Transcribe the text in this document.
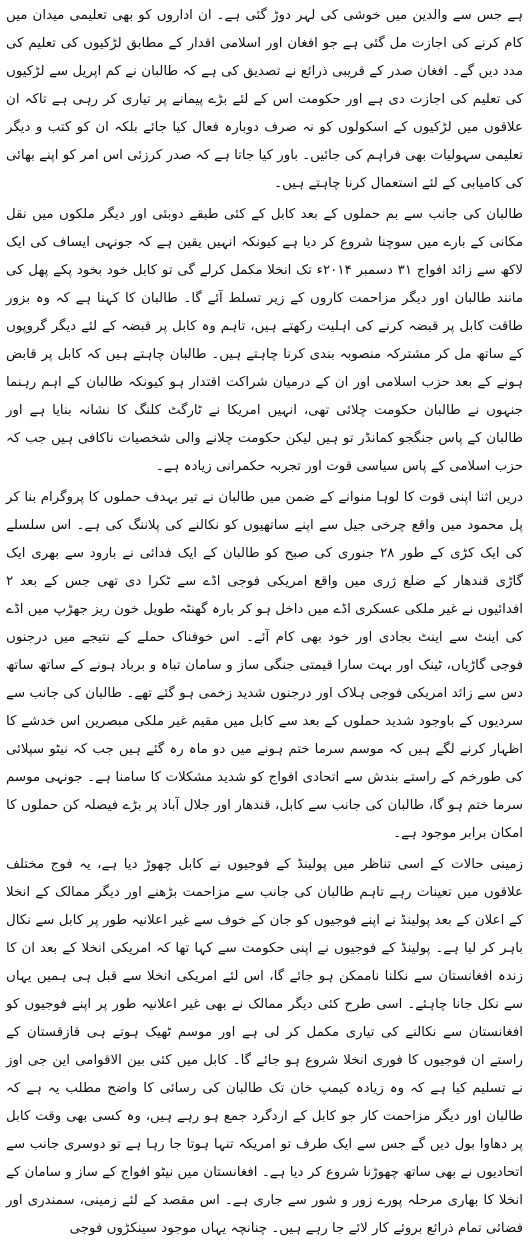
ہے جس سے والدین میں خوشی کی لہر دوڑ گئی ہے۔ ان اداروں کو بھی تعلیمی میدان میں کام کرنے کی اجازت مل گئی ہے جو افغان اور اسلامی اقدار کے مطابق لڑکیوں کی تعلیم کی مدد دیں گے۔ افغان صدر کے قریبی ذرائع نے تصدیق کی ہے کہ طالبان نے کم اپریل سے لڑکیوں کی تعلیم کی اجازت دی ہے اور حکومت اس کے لئے بڑے پیمانے پر تیاری کر رہی ہے تاکہ ان علاقوں میں لڑکیوں کے اسکولوں کو نہ صرف دوبارہ فعال کیا جائے بلکہ ان کو کتب و دیگر تعلیمی سہولیات بھی فراہم کی جائیں۔ باور کیا جاتا ہے کہ صدر کرزئی اس امر کو اپنے بھائی کی کامیابی کے لئے استعمال کرنا چاہتے ہیں۔

طالبان کی جانب سے بم حملوں کے بعد کابل کے کئی طبقے دوبئی اور دیگر ملکوں میں نقل مکانی کے بارے میں سوچنا شروع کر دیا ہے کیونکہ انہیں یقین ہے کہ جونہی ایساف کی ایک لاکھ سے زائد افواج ۳۱ دسمبر ۲۰۱۴ء تک انخلا مکمل کرلے گی تو کابل خود بخود پکے پھل کی مانند طالبان اور دیگر مزاحمت کاروں کے زیر تسلط آئے گا۔ طالبان کا کہنا ہے کہ وہ بزور طاقت کابل پر قبضہ کرنے کی اہلیت رکھتے ہیں، تاہم وہ کابل پر قبضہ کے لئے دیگر گروپوں کے ساتھ مل کر مشترکہ منصوبہ بندی کرنا چاہتے ہیں۔ طالبان چاہتے ہیں کہ کابل پر قابض ہونے کے بعد حزب اسلامی اور ان کے درمیان شراکت اقتدار ہو کیونکہ طالبان کے اہم رہنما جنہوں نے طالبان حکومت چلائی تھی، انہیں امریکا نے ٹارگٹ کلنگ کا نشانہ بنایا ہے اور طالبان کے پاس جنگجو کمانڈر تو ہیں لیکن حکومت چلانے والی شخصیات ناکافی ہیں جب کہ حزب اسلامی کے پاس سیاسی قوت اور تجربہ حکمرانی زیادہ ہے۔

دریں اثنا اپنی قوت کا لوہا منوانے کے ضمن میں طالبان نے تیر بہدف حملوں کا پروگرام بنا کر پل محمود میں واقع چرخی جیل سے اپنے ساتھیوں کو نکالنے کی پلاننگ کی ہے۔ اس سلسلے کی ایک کڑی کے طور ۲۸ جنوری کی صبح کو طالبان کے ایک فدائی نے بارود سے بھری ایک گاڑی قندھار کے ضلع ژری میں واقع امریکی فوجی اڈے سے ٹکرا دی تھی جس کے بعد ۲ افدائیوں نے غیر ملکی عسکری اڈے میں داخل ہو کر بارہ گھنٹہ طویل خون ریز جھڑپ میں اڈے کی اینٹ سے اینٹ بجادی اور خود بھی کام آئے۔ اس خوفناک حملے کے نتیجے میں درجنوں فوجی گاڑیاں، ٹینک اور بہت سارا قیمتی جنگی ساز و سامان تباہ و برباد ہونے کے ساتھ ساتھ دس سے زائد امریکی فوجی ہلاک اور درجنوں شدید زخمی ہو گئے تھے۔ طالبان کی جانب سے سردیوں کے باوجود شدید حملوں کے بعد سے کابل میں مقیم غیر ملکی مبصرین اس خدشے کا اظہار کرنے لگے ہیں کہ موسم سرما ختم ہونے میں دو ماہ رہ گئے ہیں جب کہ نیٹو سپلائی کی طورخم کے راستے بندش سے اتحادی افواج کو شدید مشکلات کا سامنا ہے۔ جونہی موسم سرما ختم ہو گا، طالبان کی جانب سے کابل، قندھار اور جلال آباد پر بڑے فیصلہ کن حملوں کا امکان برابر موجود ہے۔

زمینی حالات کے اسی تناظر میں پولینڈ کے فوجیوں نے کابل چھوڑ دیا ہے، یہ فوج مختلف علاقوں میں تعینات رہے تاہم طالبان کی جانب سے مزاحمت بڑھنے اور دیگر ممالک کے انخلا کے اعلان کے بعد پولینڈ نے اپنے فوجیوں کو جان کے خوف سے غیر اعلانیہ طور پر کابل سے نکال باہر کر لیا ہے۔ پولینڈ کے فوجیوں نے اپنی حکومت سے کہا تھا کہ امریکی انخلا کے بعد ان کا زندہ افغانستان سے نکلنا ناممکن ہو جائے گا، اس لئے امریکی انخلا سے قبل ہی ہمیں یہاں سے نکل جانا چاہئے۔ اسی طرح کئی دیگر ممالک نے بھی غیر اعلانیہ طور پر اپنے فوجیوں کو افغانستان سے نکالنے کی تیاری مکمل کر لی ہے اور موسم ٹھیک ہوتے ہی قازقستان کے راستے ان فوجیوں کا فوری انخلا شروع ہو جائے گا۔ کابل میں کئی بین الاقوامی این جی اوز نے تسلیم کیا ہے کہ وہ زیادہ کیمپ خان تک طالبان کی رسائی کا واضح مطلب یہ ہے کہ طالبان اور دیگر مزاحمت کار جو کابل کے اردگرد جمع ہو رہے ہیں، وہ کسی بھی وقت کابل پر دھاوا بول دیں گے جس سے ایک طرف تو امریکہ تنہا ہوتا جا رہا ہے تو دوسری جانب سے اتحادیوں نے بھی ساتھ چھوڑنا شروع کر دیا ہے۔ افغانستان میں نیٹو افواج کے ساز و سامان کے انخلا کا بھاری مرحلہ پورے زور و شور سے جاری ہے۔ اس مقصد کے لئے زمینی، سمندری اور فضائی تمام ذرائع بروئے کار لائے جا رہے ہیں۔ چنانچہ یہاں موجود سینکڑوں فوجی
